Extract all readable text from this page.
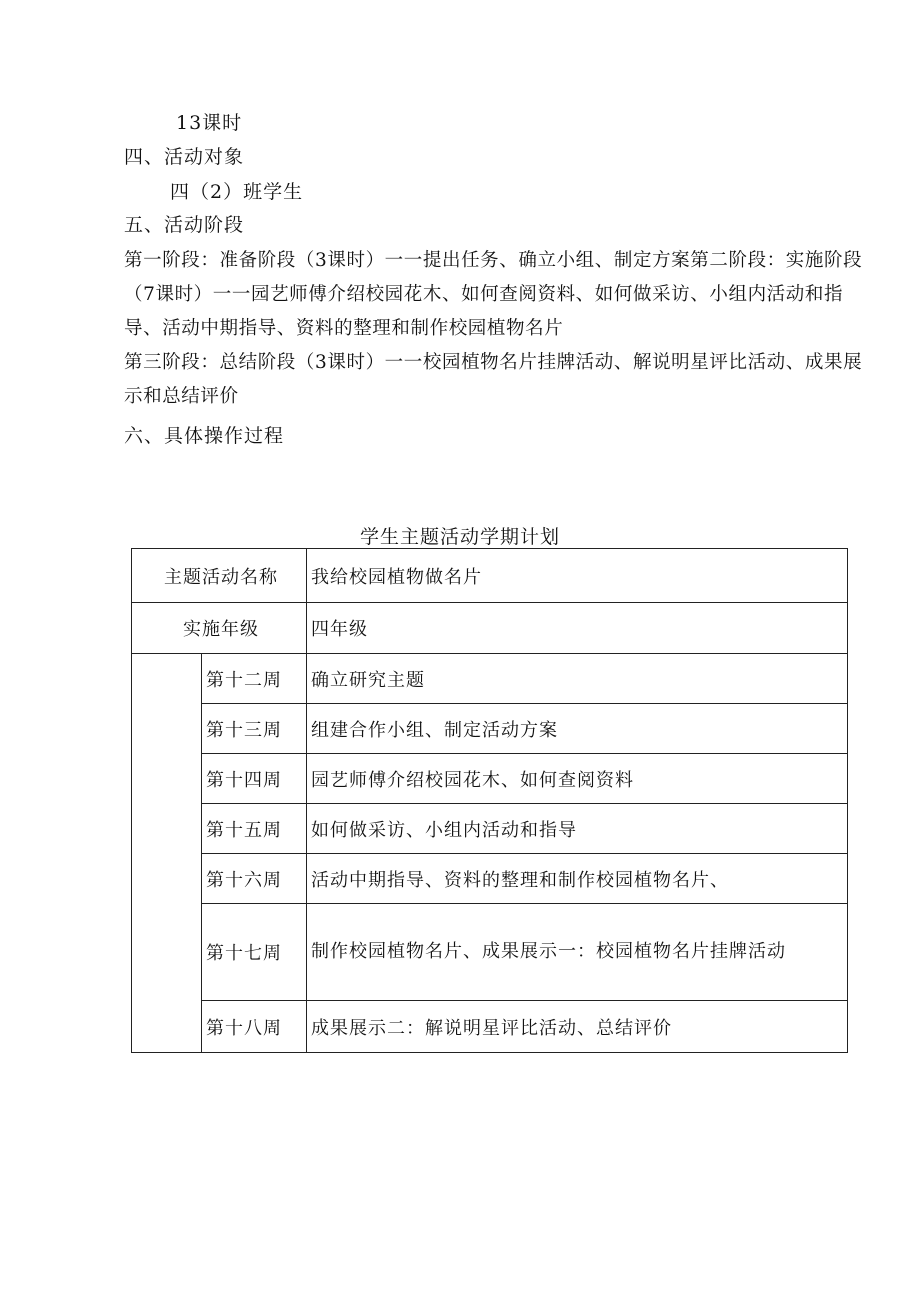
13课时
四、活动对象
四（2）班学生
五、活动阶段
第一阶段：准备阶段（3课时）一一提出任务、确立小组、制定方案第二阶段：实施阶段（7课时）一一园艺师傅介绍校园花木、如何查阅资料、如何做采访、小组内活动和指导、活动中期指导、资料的整理和制作校园植物名片
第三阶段：总结阶段（3课时）一一校园植物名片挂牌活动、解说明星评比活动、成果展示和总结评价
六、具体操作过程
学生主题活动学期计划
主题活动名称		我给校园植物做名片
实施年级		四年级
	第十二周	确立研究主题
	第十三周	组建合作小组、制定活动方案
	第十四周	园艺师傅介绍校园花木、如何查阅资料
	第十五周	如何做采访、小组内活动和指导
	第十六周	活动中期指导、资料的整理和制作校园植物名片、
	第十七周	制作校园植物名片、成果展示一：校园植物名片挂牌活动
	第十八周	成果展示二：解说明星评比活动、总结评价
